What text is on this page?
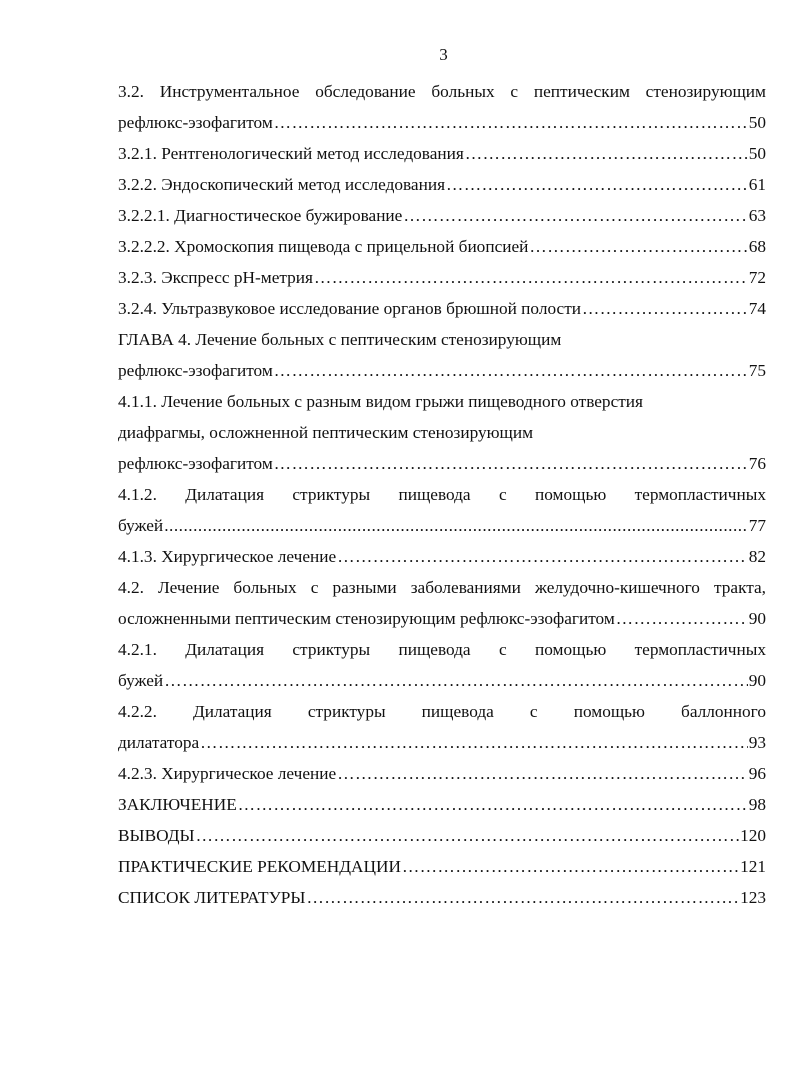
3
3.2. Инструментальное обследование больных с пептическим стенозирующим
рефлюкс-эзофагитом ………………………………………………………………………………………………………………………………………………………………………………………………………………	50
3.2.1. Рентгенологический метод исследования ………………………………………………………………………………………………………………………………………………………………………………………………………………	50
3.2.2. Эндоскопический метод исследования ………………………………………………………………………………………………………………………………………………………………………………………………………………	61
3.2.2.1. Диагностическое бужирование ………………………………………………………………………………………………………………………………………………………………………………………………………………	63
3.2.2.2. Хромоскопия пищевода с прицельной биопсией ………………………………………………………………………………………………………………………………………………………………………………………………………………	68
3.2.3. Экспресс рН-метрия ………………………………………………………………………………………………………………………………………………………………………………………………………………	72
3.2.4. Ультразвуковое исследование органов брюшной полости ………………………………………………………………………………………………………………………………………………………………………………………………………………	74
ГЛАВА 4. Лечение больных с пептическим стенозирующим
рефлюкс-эзофагитом ………………………………………………………………………………………………………………………………………………………………………………………………………………	75
4.1.1. Лечение больных с разным видом грыжи пищеводного отверстия
диафрагмы, осложненной пептическим стенозирующим
рефлюкс-эзофагитом ………………………………………………………………………………………………………………………………………………………………………………………………………………	76
4.1.2. Дилатация стриктуры пищевода с помощью термопластичных
бужей .....	77
4.1.3. Хирургическое лечение ………………………………………………………………………………………………………………………………………………………………………………………………………………	82
4.2. Лечение больных с разными заболеваниями желудочно-кишечного тракта,
осложненными пептическим стенозирующим рефлюкс-эзофагитом ………………………………………………………………………………………………………………………………………………………………………………………………………………	90
4.2.1. Дилатация стриктуры пищевода с помощью термопластичных
бужей ………………………………………………………………………………………………………………………………………………………………………………………………………………	90
4.2.2. Дилатация стриктуры пищевода с помощью баллонного
дилататора ………………………………………………………………………………………………………………………………………………………………………………………………………………	93
4.2.3. Хирургическое лечение ………………………………………………………………………………………………………………………………………………………………………………………………………………	96
ЗАКЛЮЧЕНИЕ ………………………………………………………………………………………………………………………………………………………………………………………………………………	98
ВЫВОДЫ ………………………………………………………………………………………………………………………………………………………………………………………………………………	120
ПРАКТИЧЕСКИЕ РЕКОМЕНДАЦИИ ………………………………………………………………………………………………………………………………………………………………………………………………………………	121
СПИСОК ЛИТЕРАТУРЫ ………………………………………………………………………………………………………………………………………………………………………………………………………………	123
